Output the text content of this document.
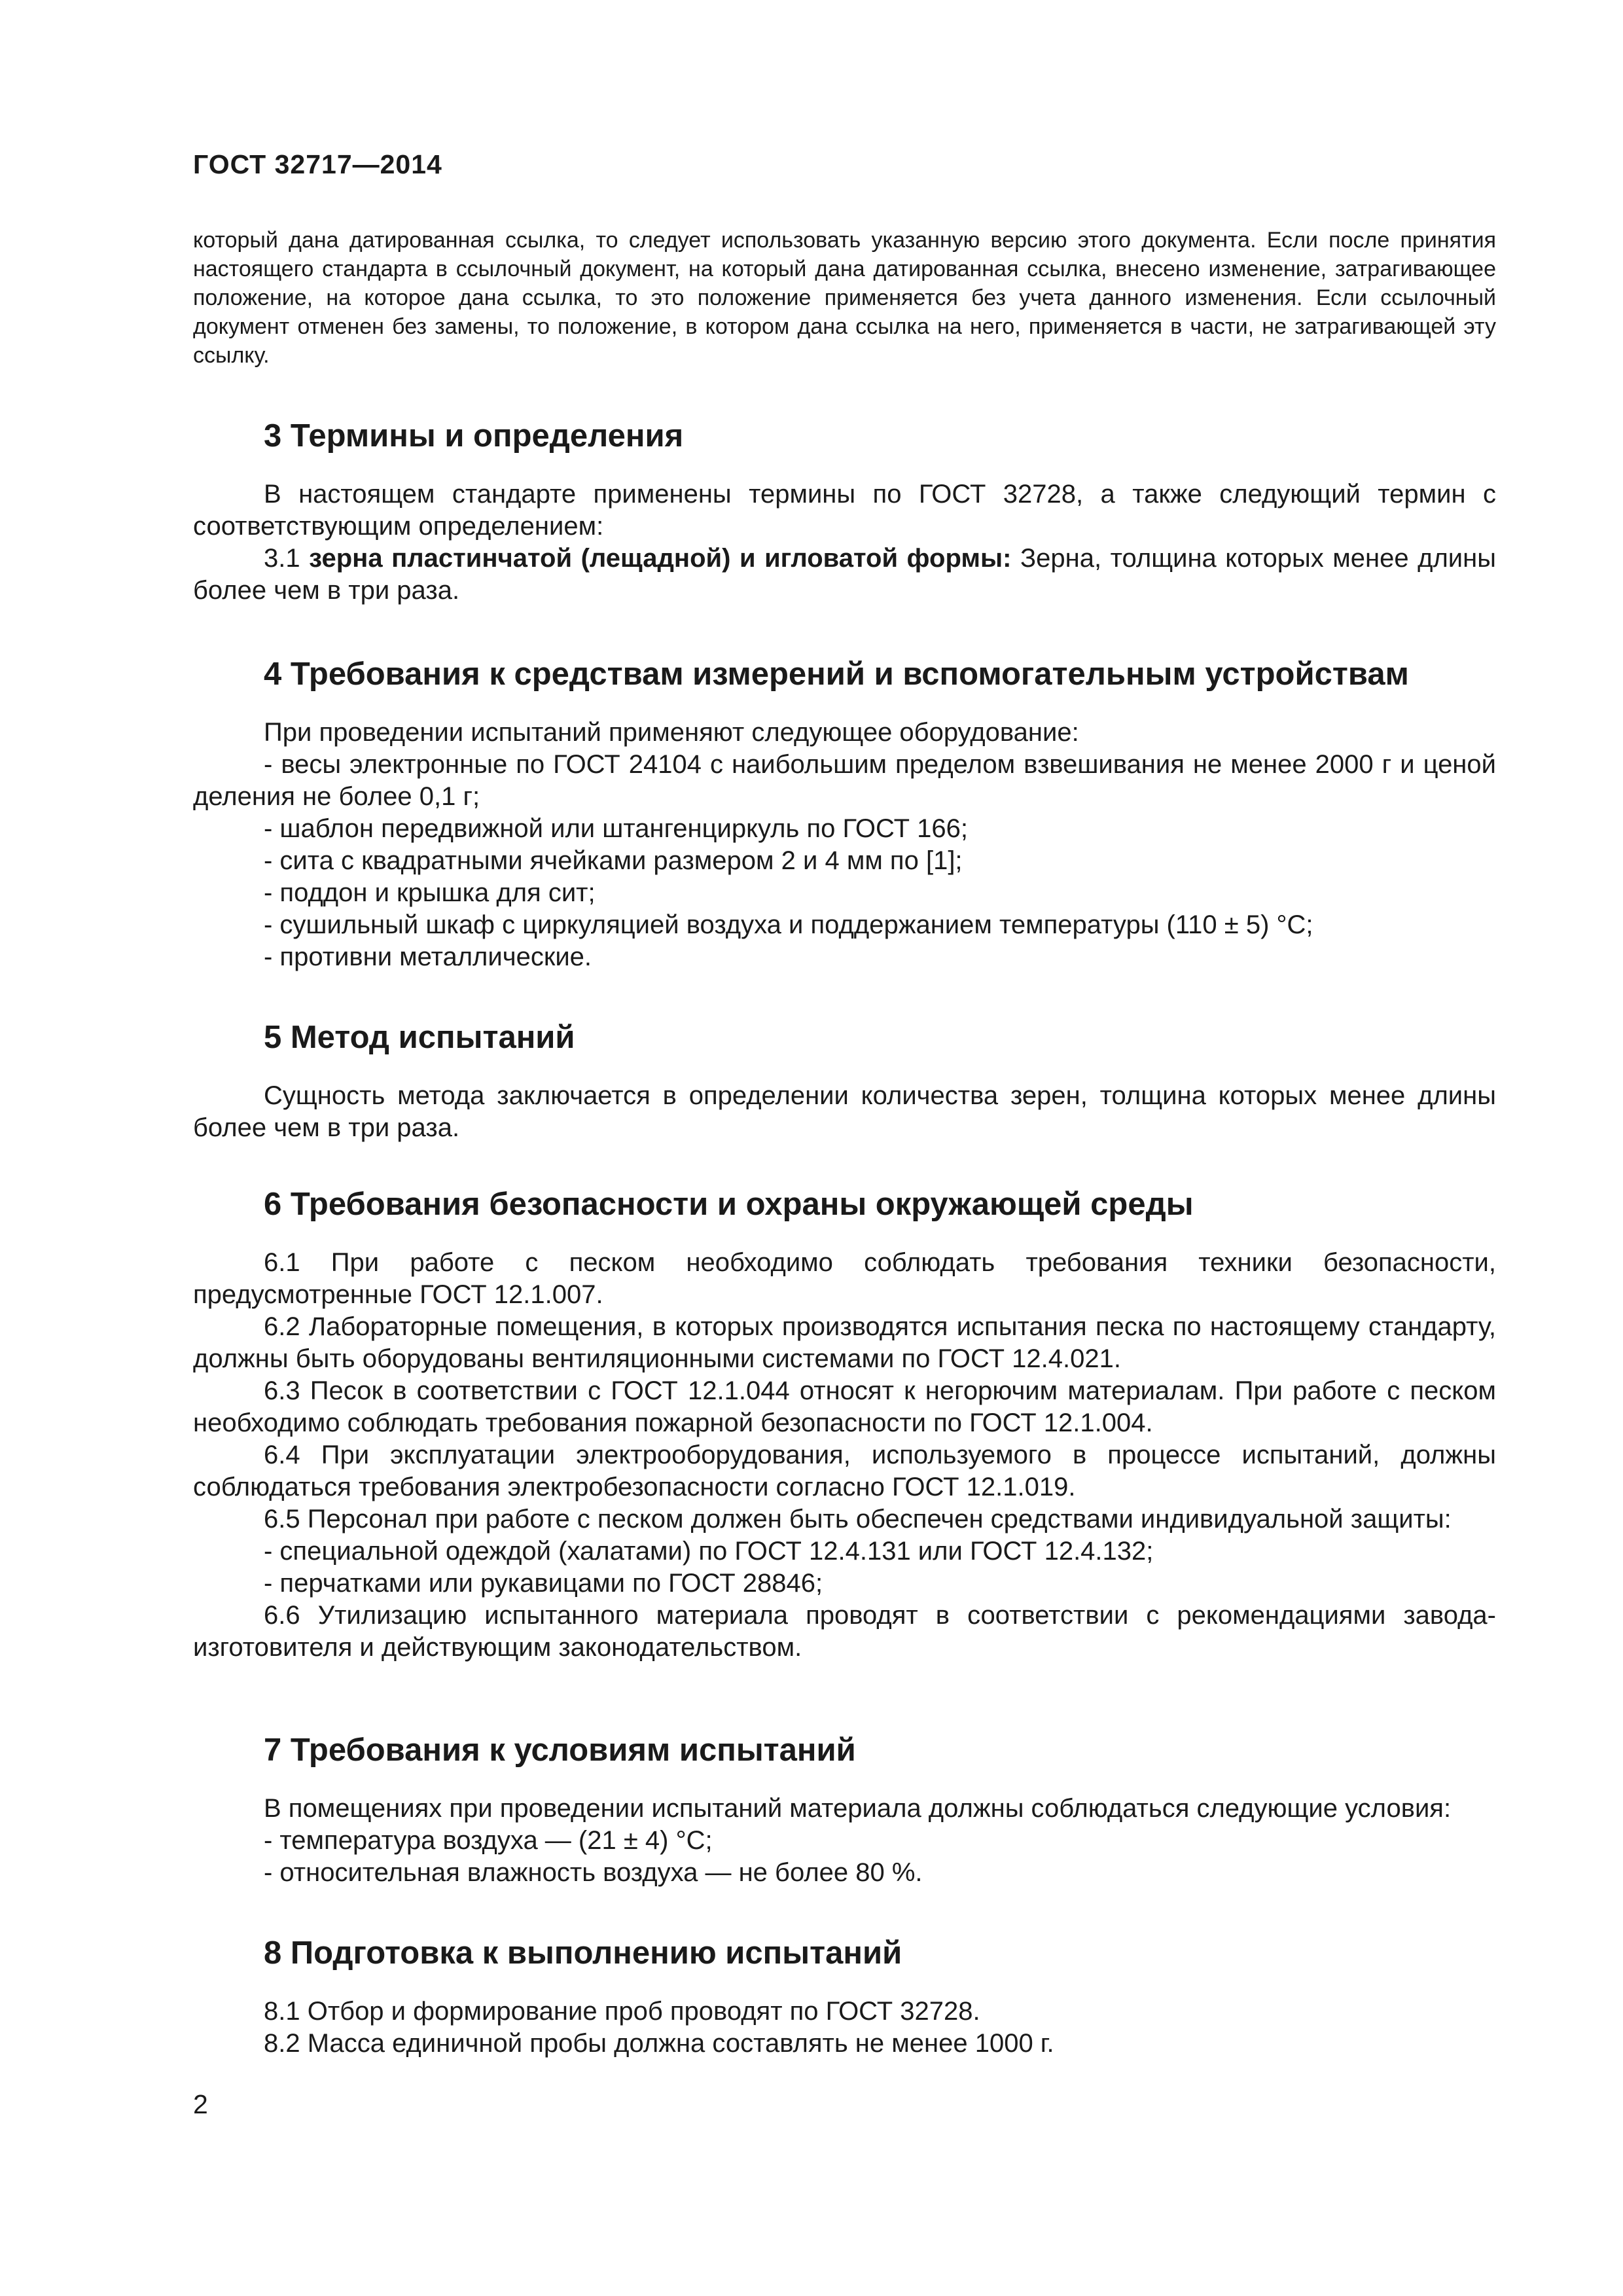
ГОСТ 32717—2014

который дана датированная ссылка, то следует использовать указанную версию этого документа. Если после принятия настоящего стандарта в ссылочный документ, на который дана датированная ссылка, внесено изменение, затрагивающее положение, на которое дана ссылка, то это положение применяется без учета данного изменения. Если ссылочный документ отменен без замены, то положение, в котором дана ссылка на него, применяется в части, не затрагивающей эту ссылку.

3 Термины и определения

В настоящем стандарте применены термины по ГОСТ 32728, а также следующий термин с соответствующим определением:

3.1 зерна пластинчатой (лещадной) и игловатой формы: Зерна, толщина которых менее длины более чем в три раза.

4 Требования к средствам измерений и вспомогательным устройствам

При проведении испытаний применяют следующее оборудование:

- весы электронные по ГОСТ 24104 с наибольшим пределом взвешивания не менее 2000 г и ценой деления не более 0,1 г;

- шаблон передвижной или штангенциркуль по ГОСТ 166;

- сита с квадратными ячейками размером 2 и 4 мм по [1];

- поддон и крышка для сит;

- сушильный шкаф с циркуляцией воздуха и поддержанием температуры (110 ± 5) °С;

- противни металлические.

5 Метод испытаний

Сущность метода заключается в определении количества зерен, толщина которых менее длины более чем в три раза.

6 Требования безопасности и охраны окружающей среды

6.1 При работе с песком необходимо соблюдать требования техники безопасности, предусмотренные ГОСТ 12.1.007.

6.2 Лабораторные помещения, в которых производятся испытания песка по настоящему стандарту, должны быть оборудованы вентиляционными системами по ГОСТ 12.4.021.

6.3 Песок в соответствии с ГОСТ 12.1.044 относят к негорючим материалам. При работе с песком необходимо соблюдать требования пожарной безопасности по ГОСТ 12.1.004.

6.4 При эксплуатации электрооборудования, используемого в процессе испытаний, должны соблюдаться требования электробезопасности согласно ГОСТ 12.1.019.

6.5 Персонал при работе с песком должен быть обеспечен средствами индивидуальной защиты:

- специальной одеждой (халатами) по ГОСТ 12.4.131 или ГОСТ 12.4.132;

- перчатками или рукавицами по ГОСТ 28846;

6.6 Утилизацию испытанного материала проводят в соответствии с рекомендациями завода-изготовителя и действующим законодательством.

7 Требования к условиям испытаний

В помещениях при проведении испытаний материала должны соблюдаться следующие условия:

- температура воздуха — (21 ± 4) °С;

- относительная влажность воздуха — не более 80 %.

8 Подготовка к выполнению испытаний

8.1 Отбор и формирование проб проводят по ГОСТ 32728.

8.2 Масса единичной пробы должна составлять не менее 1000 г.

2
